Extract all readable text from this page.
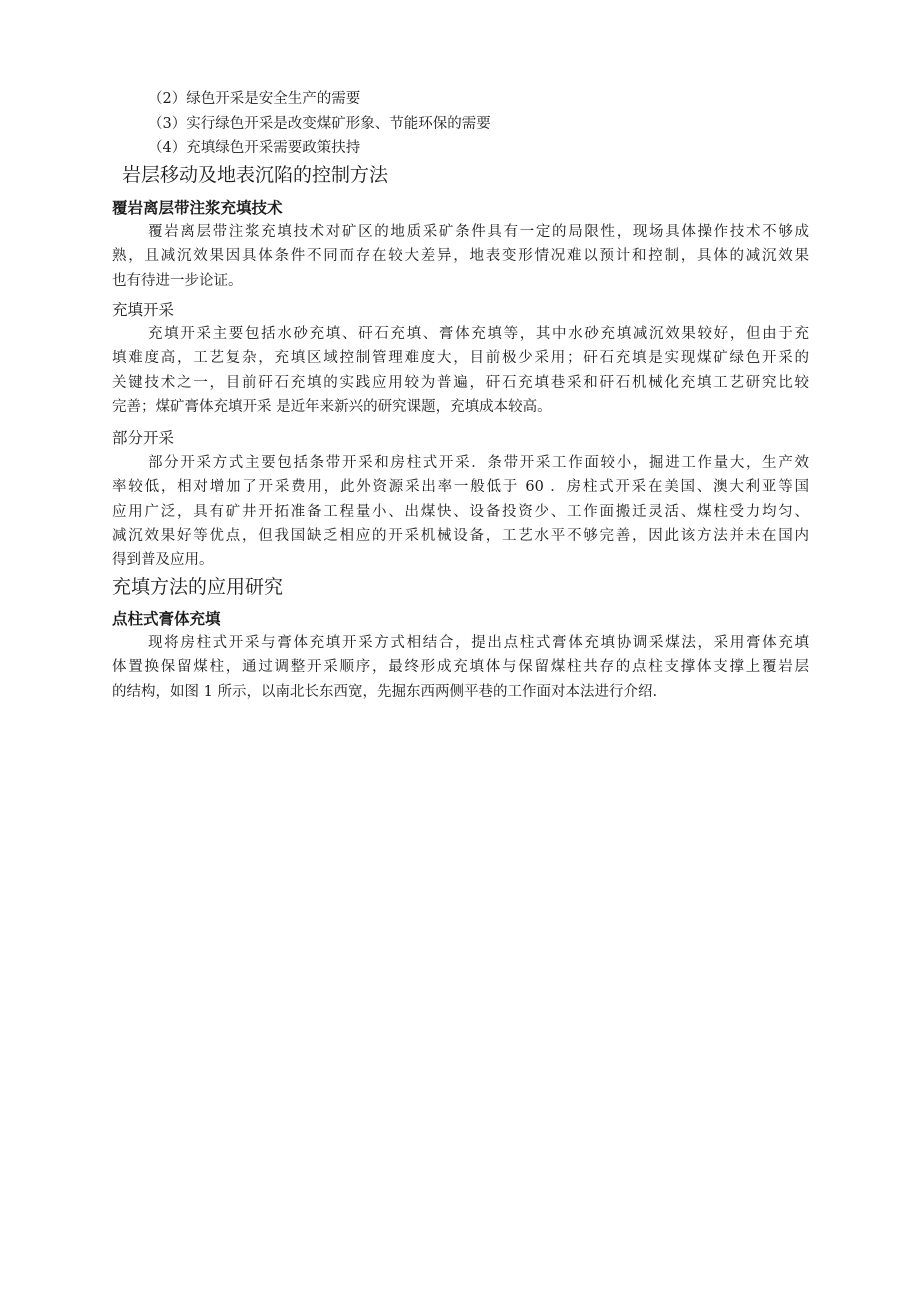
（2）绿色开采是安全生产的需要
（3）实行绿色开采是改变煤矿形象、节能环保的需要
（4）充填绿色开采需要政策扶持
岩层移动及地表沉陷的控制方法
覆岩离层带注浆充填技术
覆岩离层带注浆充填技术对矿区的地质采矿条件具有一定的局限性，现场具体操作技术不够成
熟，且减沉效果因具体条件不同而存在较大差异，地表变形情况难以预计和控制，具体的减沉效果
也有待进一步论证。
充填开采
充填开采主要包括水砂充填、矸石充填、膏体充填等，其中水砂充填减沉效果较好，但由于充
填难度高，工艺复杂，充填区域控制管理难度大，目前极少采用；矸石充填是实现煤矿绿色开采的
关键技术之一，目前矸石充填的实践应用较为普遍，矸石充填巷采和矸石机械化充填工艺研究比较
完善；煤矿膏体充填开采 是近年来新兴的研究课题，充填成本较高。
部分开采
部分开采方式主要包括条带开采和房柱式开采．条带开采工作面较小，掘进工作量大，生产效
率较低，相对增加了开采费用，此外资源采出率一般低于 60 ．房柱式开采在美国、澳大利亚等国
应用广泛，具有矿井开拓准备工程量小、出煤快、设备投资少、工作面搬迁灵活、煤柱受力均匀、
减沉效果好等优点，但我国缺乏相应的开采机械设备，工艺水平不够完善，因此该方法并未在国内
得到普及应用。
充填方法的应用研究
点柱式膏体充填
现将房柱式开采与膏体充填开采方式相结合，提出点柱式膏体充填协调采煤法，采用膏体充填
体置换保留煤柱，通过调整开采顺序，最终形成充填体与保留煤柱共存的点柱支撑体支撑上覆岩层
的结构，如图 1 所示，以南北长东西宽，先掘东西两侧平巷的工作面对本法进行介绍.
